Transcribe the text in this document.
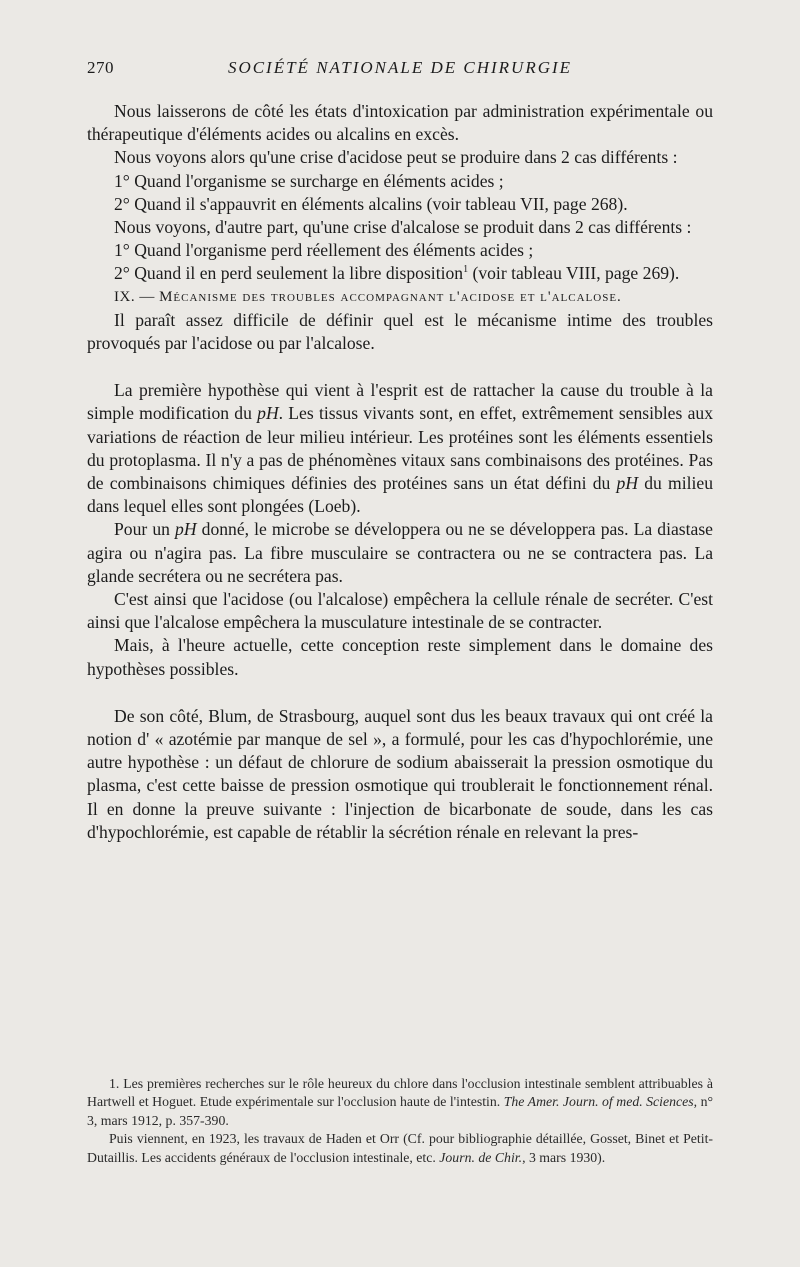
270	SOCIÉTÉ NATIONALE DE CHIRURGIE

Nous laisserons de côté les états d'intoxication par administration expérimentale ou thérapeutique d'éléments acides ou alcalins en excès.

Nous voyons alors qu'une crise d'acidose peut se produire dans 2 cas différents :

1° Quand l'organisme se surcharge en éléments acides ;

2° Quand il s'appauvrit en éléments alcalins (voir tableau VII, page 268).

Nous voyons, d'autre part, qu'une crise d'alcalose se produit dans 2 cas différents :

1° Quand l'organisme perd réellement des éléments acides ;

2° Quand il en perd seulement la libre disposition$^1$ (voir tableau VIII, page 269).

IX. — Mécanisme des troubles accompagnant l'acidose et l'alcalose.

Il paraît assez difficile de définir quel est le mécanisme intime des troubles provoqués par l'acidose ou par l'alcalose.

La première hypothèse qui vient à l'esprit est de rattacher la cause du trouble à la simple modification du pH. Les tissus vivants sont, en effet, extrêmement sensibles aux variations de réaction de leur milieu intérieur. Les protéines sont les éléments essentiels du protoplasma. Il n'y a pas de phénomènes vitaux sans combinaisons des protéines. Pas de combinaisons chimiques définies des protéines sans un état défini du pH du milieu dans lequel elles sont plongées (Loeb).

Pour un pH donné, le microbe se développera ou ne se développera pas. La diastase agira ou n'agira pas. La fibre musculaire se contractera ou ne se contractera pas. La glande secrétera ou ne secrétera pas.

C'est ainsi que l'acidose (ou l'alcalose) empêchera la cellule rénale de secréter. C'est ainsi que l'alcalose empêchera la musculature intestinale de se contracter.

Mais, à l'heure actuelle, cette conception reste simplement dans le domaine des hypothèses possibles.

De son côté, Blum, de Strasbourg, auquel sont dus les beaux travaux qui ont créé la notion d' « azotémie par manque de sel », a formulé, pour les cas d'hypochlorémie, une autre hypothèse : un défaut de chlorure de sodium abaisserait la pression osmotique du plasma, c'est cette baisse de pression osmotique qui troublerait le fonctionnement rénal. Il en donne la preuve suivante : l'injection de bicarbonate de soude, dans les cas d'hypochlorémie, est capable de rétablir la sécrétion rénale en relevant la pres-

1. Les premières recherches sur le rôle heureux du chlore dans l'occlusion intestinale semblent attribuables à Hartwell et Hoguet. Etude expérimentale sur l'occlusion haute de l'intestin. The Amer. Journ. of med. Sciences, n° 3, mars 1912, p. 357-390.

Puis viennent, en 1923, les travaux de Haden et Orr (Cf. pour bibliographie détaillée, Gosset, Binet et Petit-Dutaillis. Les accidents généraux de l'occlusion intestinale, etc. Journ. de Chir., 3 mars 1930).
